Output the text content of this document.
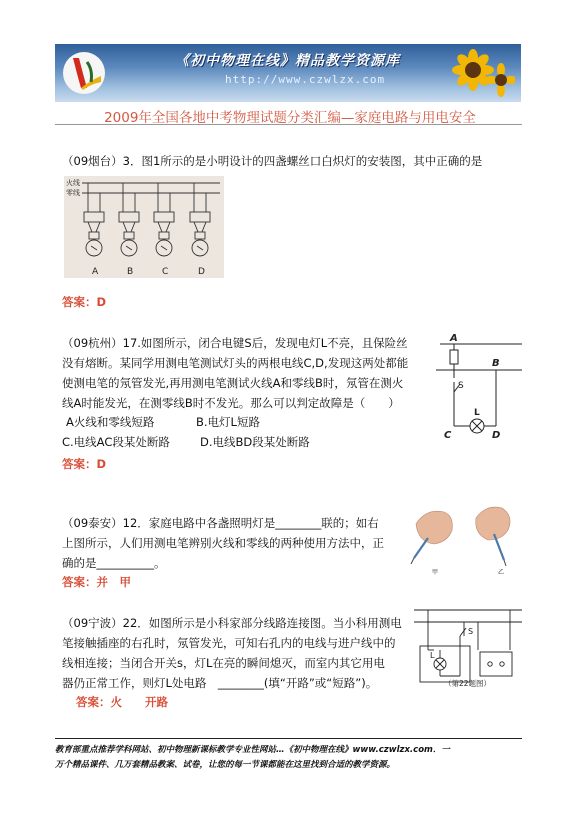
《初中物理在线》精品教学资源库
http://www.czwlzx.com
2009年全国各地中考物理试题分类汇编—家庭电路与用电安全
（09烟台）3．图1所示的是小明设计的四盏螺丝口白炽灯的安装图，其中正确的是
火线
零线
A	B	C	D
答案：D
（09杭州）17.如图所示，闭合电键S后，发现电灯L不亮，且保险丝
没有熔断。某同学用测电笔测试灯头的两根电线C,D,发现这两处都能
使测电笔的氖管发光,再用测电笔测试火线A和零线B时，氖管在测火
线A时能发光，在测零线B时不发光。那么可以判定故障是（　　）
A火线和零线短路	B.电灯L短路
C.电线AC段某处断路	D.电线BD段某处断路
答案：D
A
B
S
L
C	D
（09泰安）12．家庭电路中各盏照明灯是________联的；如右
上图所示，人们用测电笔辨别火线和零线的两种使用方法中，正
确的是__________。
答案：并　甲
甲	乙
（09宁波）22．如图所示是小科家部分线路连接图。当小科用测电
笔接触插座的右孔时，氖管发光，可知右孔内的电线与进户线中的
线相连接；当闭合开关s，灯L在亮的瞬间熄灭，而室内其它用电
器仍正常工作，则灯L处电路　________(填“开路”或“短路”)。
答案：火　　开路
L
S
（第22题图）
教育部重点推荐学科网站、初中物理新课标教学专业性网站…《初中物理在线》www.czwlzx.com．一
万个精品课件、几万套精品教案、试卷，让您的每一节课都能在这里找到合适的教学资源。
